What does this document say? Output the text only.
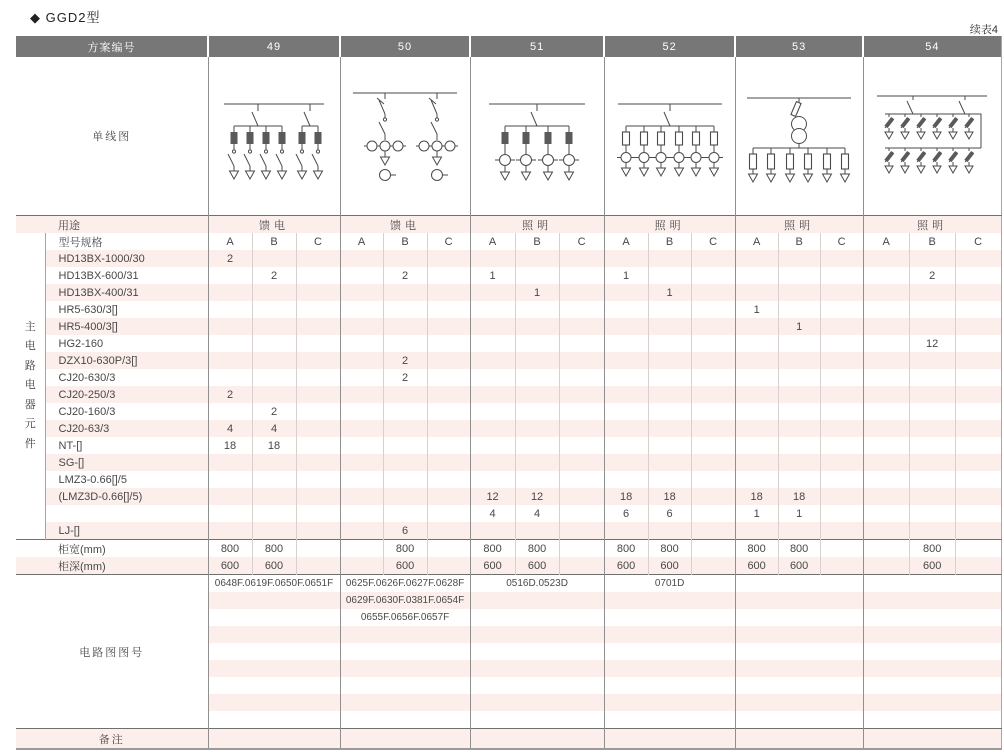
◆ GGD2型
续表4
方案编号		49			50			51			52			53			54		
单线图	

用途		馈电			馈电			照明			照明			照明			照明		

主
电
路
电
器
元
件
	型号规格	A	B	C	A	B	C	A	B	C	A	B	C	A	B	C	A	B	C
	HD13BX-1000/30	2																	
	HD13BX-600/31		2			2		1			1							2	
	HD13BX-400/31								1			1							
	HR5-630/3[]													1					
	HR5-400/3[]														1				
	HG2-160																	12	
	DZX10-630P/3[]					2													
	CJ20-630/3					2													
	CJ20-250/3	2																	
	CJ20-160/3		2																
	CJ20-63/3	4	4																
	NT-[]	18	18																
	SG-[]																		
	LMZ3-0.66[]/5																		
	(LMZ3D-0.66[]/5)							12	12		18	18		18	18				
								4	4		6	6		1	1				
	LJ-[]					6													
柜宽(mm)		800	800			800		800	800		800	800		800	800			800	
柜深(mm)		600	600			600		600	600		600	600		600	600			600	
电路图图号		0648F.0619F.0650F.0651F			0625F.0626F.0627F.0628F			0516D.0523D			0701D								
					0629F.0630F.0381F.0654F														
					0655F.0656F.0657F														

备注																			
